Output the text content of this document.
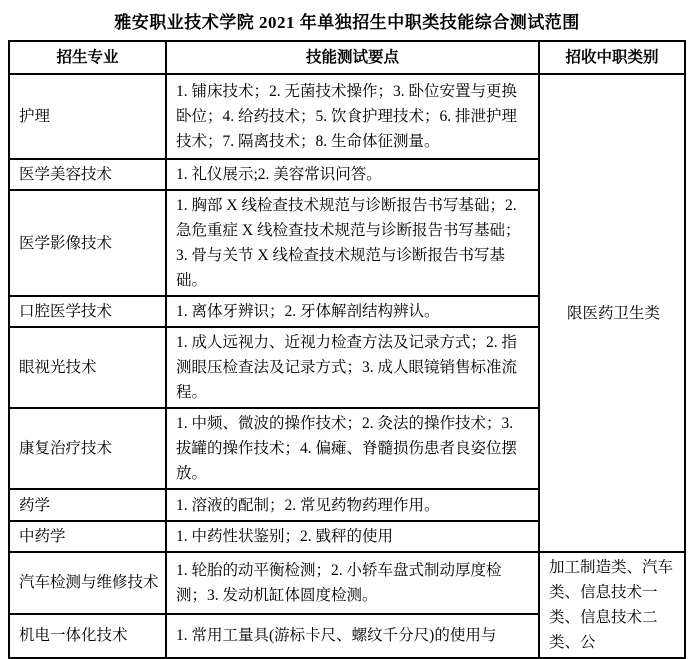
雅安职业技术学院 2021 年单独招生中职类技能综合测试范围
招生专业	技能测试要点	招收中职类别
护理	1. 铺床技术；2. 无菌技术操作；3. 卧位安置与更换卧位；4. 给药技术；5. 饮食护理技术；6. 排泄护理技术；7. 隔离技术；8. 生命体征测量。	限医药卫生类
医学美容技术	1. 礼仪展示;2. 美容常识问答。	
医学影像技术	1. 胸部 X 线检查技术规范与诊断报告书写基础；2. 急危重症 X 线检查技术规范与诊断报告书写基础；3. 骨与关节 X 线检查技术规范与诊断报告书写基础。	
口腔医学技术	1. 离体牙辨识；2. 牙体解剖结构辨认。	
眼视光技术	1. 成人远视力、近视力检查方法及记录方式；2. 指测眼压检查法及记录方式；3. 成人眼镜销售标准流程。	
康复治疗技术	1. 中频、微波的操作技术；2. 灸法的操作技术；3. 拔罐的操作技术；4. 偏瘫、脊髓损伤患者良姿位摆放。	
药学	1. 溶液的配制；2. 常见药物药理作用。	
中药学	1. 中药性状鉴别；2. 戥秤的使用	
汽车检测与维修技术	1. 轮胎的动平衡检测；2. 小轿车盘式制动厚度检测；3. 发动机缸体圆度检测。	加工制造类、汽车类、信息技术一类、信息技术二类、公
机电一体化技术	1. 常用工量具(游标卡尺、螺纹千分尺)的使用与	
